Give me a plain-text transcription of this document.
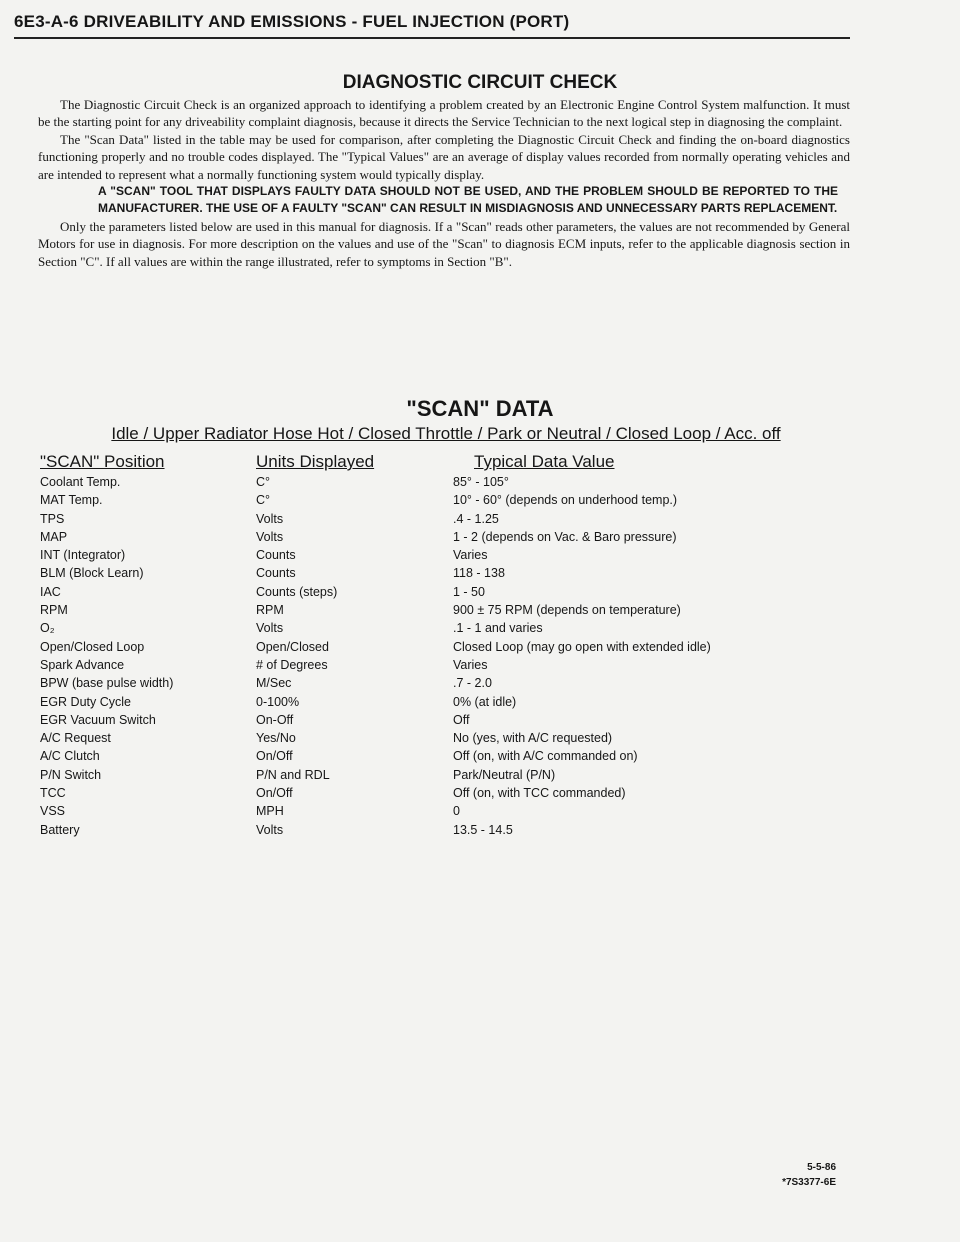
6E3-A-6 DRIVEABILITY AND EMISSIONS - FUEL INJECTION (PORT)
DIAGNOSTIC CIRCUIT CHECK

The Diagnostic Circuit Check is an organized approach to identifying a problem created by an Electronic Engine Control System malfunction. It must be the starting point for any driveability complaint diagnosis, because it directs the Service Technician to the next logical step in diagnosing the complaint.

The "Scan Data" listed in the table may be used for comparison, after completing the Diagnostic Circuit Check and finding the on-board diagnostics functioning properly and no trouble codes displayed. The "Typical Values" are an average of display values recorded from normally operating vehicles and are intended to represent what a normally functioning system would typically display.

A "SCAN" TOOL THAT DISPLAYS FAULTY DATA SHOULD NOT BE USED, AND THE PROBLEM SHOULD BE REPORTED TO THE MANUFACTURER. THE USE OF A FAULTY "SCAN" CAN RESULT IN MISDIAGNOSIS AND UNNECESSARY PARTS REPLACEMENT.

Only the parameters listed below are used in this manual for diagnosis. If a "Scan" reads other parameters, the values are not recommended by General Motors for use in diagnosis. For more description on the values and use of the "Scan" to diagnosis ECM inputs, refer to the applicable diagnosis section in Section "C". If all values are within the range illustrated, refer to symptoms in Section "B".

"SCAN" DATA
Idle / Upper Radiator Hose Hot / Closed Throttle / Park or Neutral / Closed Loop / Acc. off
"SCAN" Position	Units Displayed	Typical Data Value
Coolant Temp.	C°	85° - 105°
MAT Temp.	C°	10° - 60° (depends on underhood temp.)
TPS	Volts	.4 - 1.25
MAP	Volts	1 - 2 (depends on Vac. & Baro pressure)
INT (Integrator)	Counts	Varies
BLM (Block Learn)	Counts	118 - 138
IAC	Counts (steps)	1 - 50
RPM	RPM	900 ± 75 RPM (depends on temperature)
O₂	Volts	.1 - 1 and varies
Open/Closed Loop	Open/Closed	Closed Loop (may go open with extended idle)
Spark Advance	# of Degrees	Varies
BPW (base pulse width)	M/Sec	.7 - 2.0
EGR Duty Cycle	0-100%	0% (at idle)
EGR Vacuum Switch	On-Off	Off
A/C Request	Yes/No	No (yes, with A/C requested)
A/C Clutch	On/Off	Off (on, with A/C commanded on)
P/N Switch	P/N and RDL	Park/Neutral (P/N)
TCC	On/Off	Off (on, with TCC commanded)
VSS	MPH	0
Battery	Volts	13.5 - 14.5
5-5-86
*7S3377-6E
